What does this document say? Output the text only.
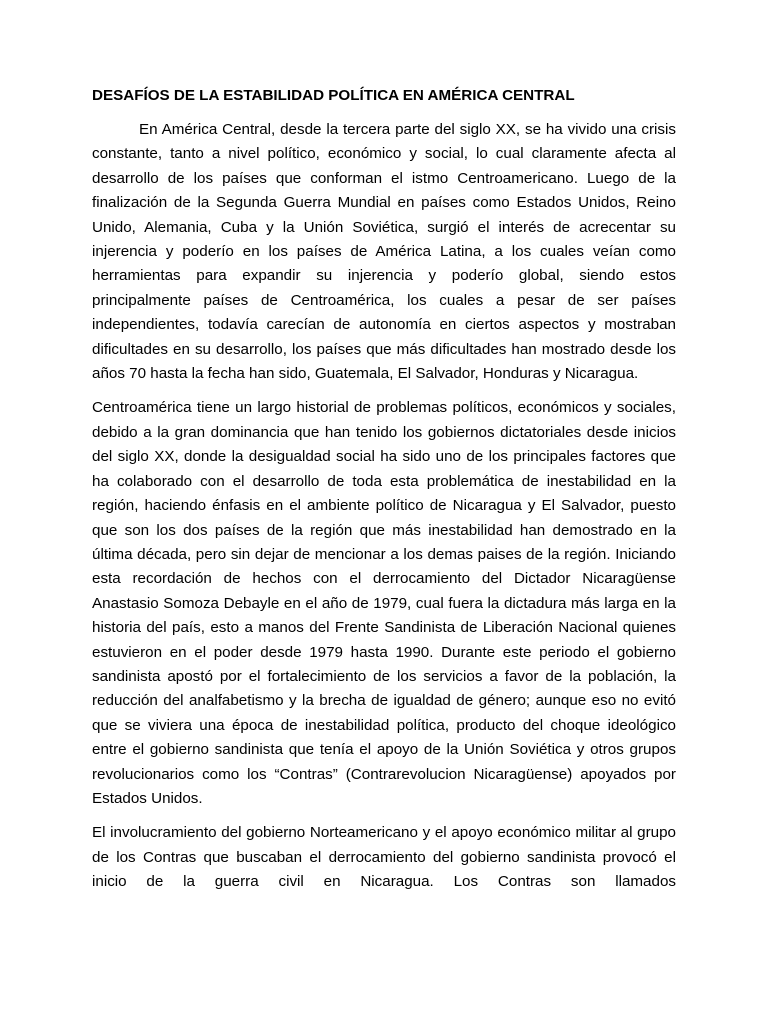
DESAFÍOS DE LA ESTABILIDAD POLÍTICA EN AMÉRICA CENTRAL

En América Central, desde la tercera parte del siglo XX, se ha vivido una crisis constante, tanto a nivel político, económico y social, lo cual claramente afecta al desarrollo de los países que conforman el istmo Centroamericano. Luego de la finalización de la Segunda Guerra Mundial en países como Estados Unidos, Reino Unido, Alemania, Cuba y la Unión Soviética, surgió el interés de acrecentar su injerencia y poderío en los países de América Latina, a los cuales veían como herramientas para expandir su injerencia y poderío global, siendo estos principalmente países de Centroamérica, los cuales a pesar de ser países independientes, todavía carecían de autonomía en ciertos aspectos y mostraban dificultades en su desarrollo, los países que más dificultades han mostrado desde los años 70 hasta la fecha han sido, Guatemala, El Salvador, Honduras y Nicaragua.

Centroamérica tiene un largo historial de problemas políticos, económicos y sociales, debido a la gran dominancia que han tenido los gobiernos dictatoriales desde inicios del siglo XX, donde la desigualdad social ha sido uno de los principales factores que ha colaborado con el desarrollo de toda esta problemática de inestabilidad en la región, haciendo énfasis en el ambiente político de Nicaragua y El Salvador, puesto que son los dos países de la región que más inestabilidad han demostrado en la última década, pero sin dejar de mencionar a los demas paises de la región. Iniciando esta recordación de hechos con el derrocamiento del Dictador Nicaragüense Anastasio Somoza Debayle en el año de 1979, cual fuera la dictadura más larga en la historia del país, esto a manos del Frente Sandinista de Liberación Nacional quienes estuvieron en el poder desde 1979 hasta 1990. Durante este periodo el gobierno sandinista apostó por el fortalecimiento de los servicios a favor de la población, la reducción del analfabetismo y la brecha de igualdad de género; aunque eso no evitó que se viviera una época de inestabilidad política, producto del choque ideológico entre el gobierno sandinista que tenía el apoyo de la Unión Soviética y otros grupos revolucionarios como los “Contras” (Contrarevolucion Nicaragüense) apoyados por Estados Unidos.

El involucramiento del gobierno Norteamericano y el apoyo económico militar al grupo de los Contras que buscaban el derrocamiento del gobierno sandinista provocó el inicio de la guerra civil en Nicaragua. Los Contras son llamados
